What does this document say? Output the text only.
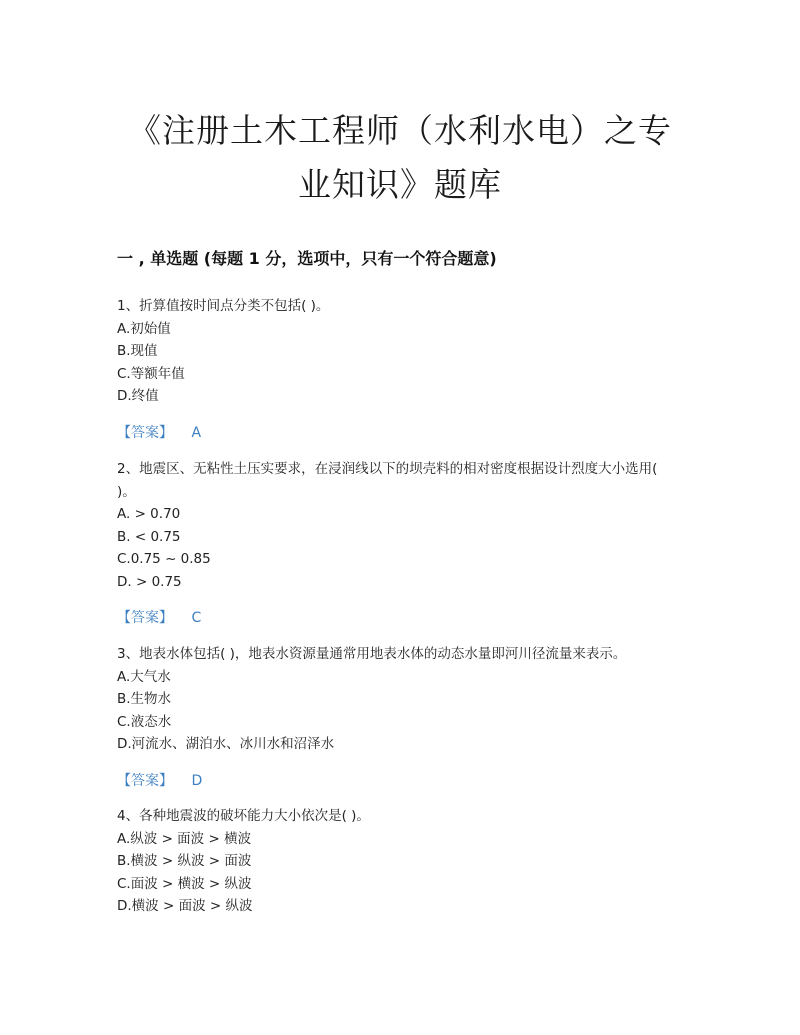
《注册土木工程师（水利水电）之专
业知识》题库
一 , 单选题 (每题 1 分，选项中，只有一个符合题意)
1、折算值按时间点分类不包括( )。
A.初始值
B.现值
C.等额年值
D.终值
【答案】 A
2、地震区、无粘性土压实要求，在浸润线以下的坝壳料的相对密度根据设计烈度大小选用( )。
A. > 0.70
B. < 0.75
C.0.75 ~ 0.85
D. > 0.75
【答案】 C
3、地表水体包括( )，地表水资源量通常用地表水体的动态水量即河川径流量来表示。
A.大气水
B.生物水
C.液态水
D.河流水、湖泊水、冰川水和沼泽水
【答案】 D
4、各种地震波的破坏能力大小依次是( )。
A.纵波 > 面波 > 横波
B.横波 > 纵波 > 面波
C.面波 > 横波 > 纵波
D.横波 > 面波 > 纵波
